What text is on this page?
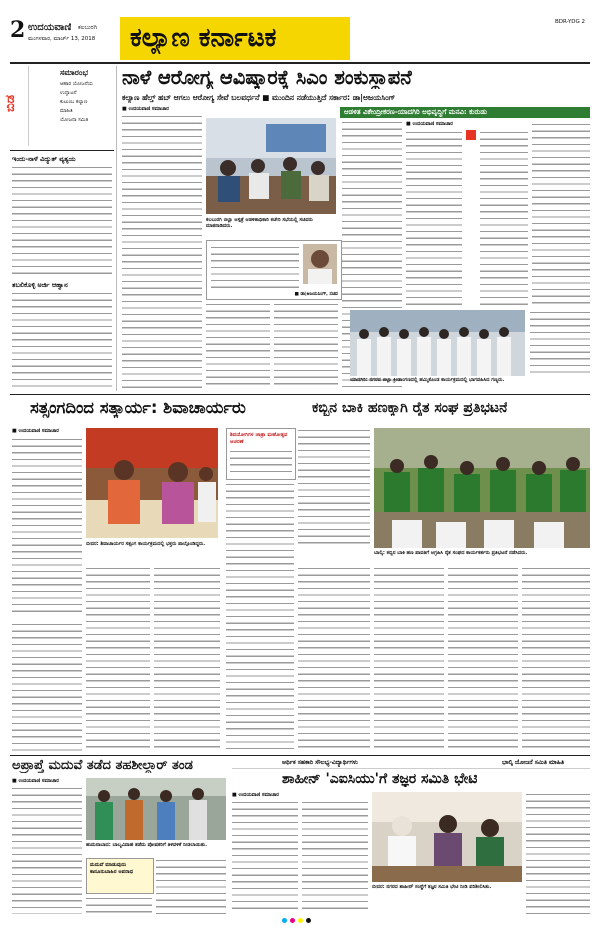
2 ಉದಯವಾಣಿ ಕಲಬುರಗಿ
ಮಂಗಳವಾರ, ಮಾರ್ಚ್ 13, 2018
BDR-YDG 2
ಕಲ್ಯಾಣ ಕರ್ನಾಟಕ
ಬಿಡ
ಸಮಾರಂಭ
ಆಹಾರ ಯೋಜನೆಯ
ಉದ್ಘಾಟನೆ
ಕುಟುಂಬ ಕಲ್ಯಾಣ
ಮಾಹಿತಿ
ಯೋಜನಾ ಸಮಿತಿ
ಇಂದು-ನಾಳೆ ವಿದ್ಯುತ್ ವ್ಯತ್ಯಯ
ತಬಲಿಕೊಳ್ಳಿ ಅರ್ಜಿ ಆಹ್ವಾನ
ನಾಳೆ ಆರೋಗ್ಯ ಆವಿಷ್ಕಾರಕ್ಕೆ ಸಿಎಂ ಶಂಕುಸ್ಥಾಪನೆ
ಕಲ್ಯಾಣ ಹೆಲ್ತ್ ಹಬ್ ಆಗಲು ಆರೋಗ್ಯ ಸೇವೆ ಬಲವರ್ಧನೆ ■ ಮುಂದಿನ ನಡೆಯುತ್ತಿದೆ ಸರ್ಕಾರ: ಡಾ|ಅಜಯಸಿಂಗ್
■ ಉದಯವಾಣಿ ಸಮಾಚಾರ
ಕಲಬುರಗಿ ಜಿಲ್ಲಾ ಆಸ್ಪತ್ರೆ ಆಡಳಿತಾಧಿಕಾರಿ ಕಚೇರಿ ಸಭೆಯಲ್ಲಿ ಸಚಿವರು ಮಾತನಾಡಿದರು.
■ ಡಾ|ಅಜಯಸಿಂಗ್, ಸಚಿವ
ಆಡಳಿತ ವಿಕೇಂದ್ರೀಕರಣ-ಯಾದಗಿರಿ ಅಭಿವೃದ್ಧಿಗೆ ಮನವಿ: ಕುರುಡು
■ ಉದಯವಾಣಿ ಸಮಾಚಾರ
ಯಾದಗಿರಿ: ನಗರದ ಜಿಲ್ಲಾ ಕ್ರೀಡಾಂಗಣದಲ್ಲಿ ಹಮ್ಮಿಕೊಂಡ ಕಾರ್ಯಕ್ರಮದಲ್ಲಿ ಭಾಗವಹಿಸಿದ ಗಣ್ಯರು.
ಸತ್ಸಂಗದಿಂದ ಸತ್ಕಾರ್ಯ: ಶಿವಾಚಾರ್ಯರು	ಕಬ್ಬಿನ ಬಾಕಿ ಹಣಕ್ಕಾಗಿ ರೈತ ಸಂಘ ಪ್ರತಿಭಟನೆ
■ ಉದಯವಾಣಿ ಸಮಾಚಾರ
ಬೀದರ: ಶಿವಾಚಾರ್ಯರ ಸತ್ಸಂಗ ಕಾರ್ಯಕ್ರಮದಲ್ಲಿ ಭಕ್ತರು ಪಾಲ್ಗೊಂಡಿದ್ದರು.
ಶಿವಯೋಗಿಗಳ ಜಾತ್ರಾ ಮಹೋತ್ಸವ ಆಚರಣೆ
ಬಾಲ್ಕಿ: ಕಬ್ಬಿನ ಬಾಕಿ ಹಣ ಪಾವತಿಗೆ ಆಗ್ರಹಿಸಿ ರೈತ ಸಂಘದ ಕಾರ್ಯಕರ್ತರು ಪ್ರತಿಭಟನೆ ನಡೆಸಿದರು.
ಅಪ್ರಾಪ್ತೆ ಮದುವೆ ತಡೆದ ತಹಶೀಲ್ದಾರ್ ತಂಡ
■ ಉದಯವಾಣಿ ಸಮಾಚಾರ
ಹುಮನಾಬಾದ: ಬಾಲ್ಯವಿವಾಹ ತಡೆದು ಪೋಷಕರಿಗೆ ತಿಳಿವಳಿಕೆ ನೀಡಲಾಯಿತು.
ಮದುವೆ ಮಾಡುವುದು ಕಾನೂನುಬಾಹಿರ ಅಪರಾಧ
ಆರ್ಥಿಕ ಸಹಕಾರಿ ಸೌಲಭ್ಯ-ವಿದ್ಯಾರ್ಥಿಗಳು	ಭಾಲ್ಕಿ ಯೋಜನೆ ಸಮಿತಿ ಮಾಹಿತಿ
ಶಾಹೀನ್ 'ಎಐಸಿಯು'ಗೆ ತಜ್ಞರ ಸಮಿತಿ ಭೇಟಿ
■ ಉದಯವಾಣಿ ಸಮಾಚಾರ
ಬೀದರ: ನಗರದ ಶಾಹೀನ್ ಸಂಸ್ಥೆಗೆ ತಜ್ಞರ ಸಮಿತಿ ಭೇಟಿ ನೀಡಿ ಪರಿಶೀಲಿಸಿತು.
